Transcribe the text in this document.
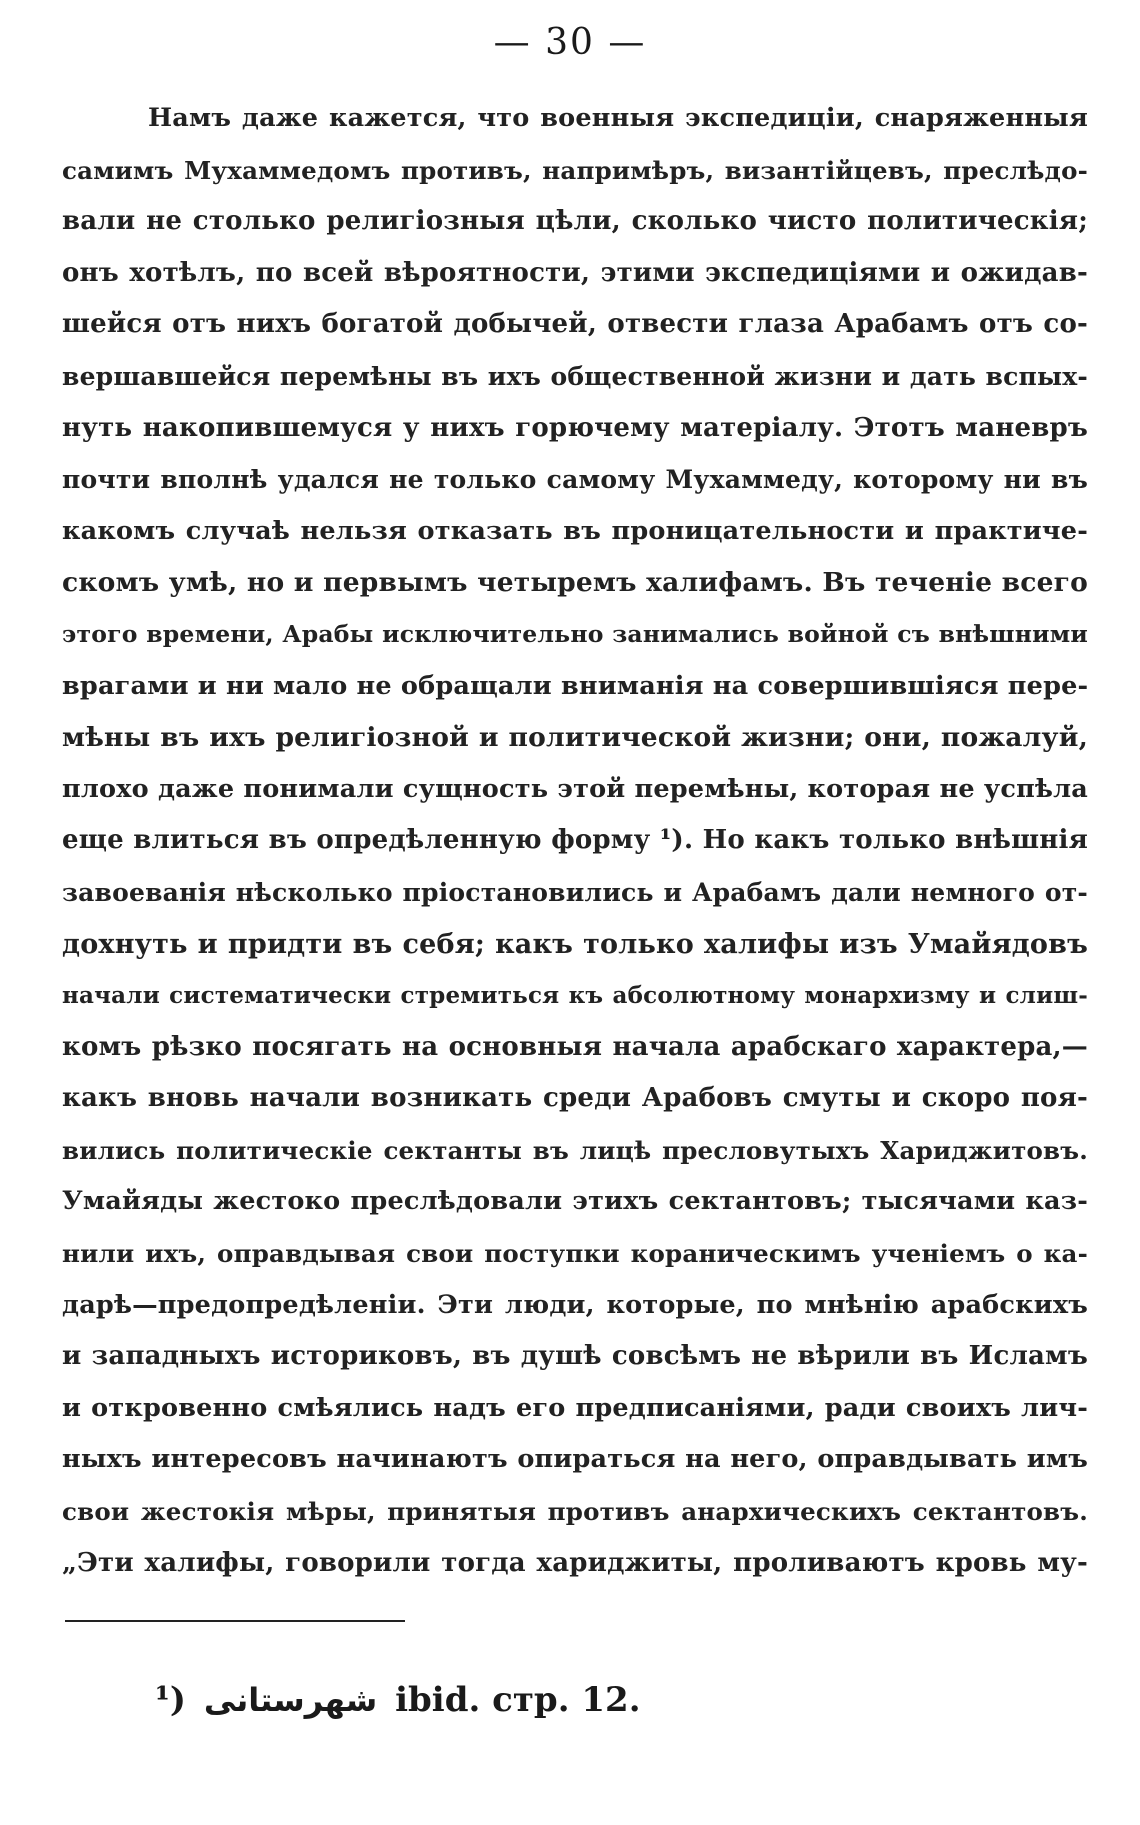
— 30 —
Намъ даже кажется, что военныя экспедиціи, снаряженныя
самимъ Мухаммедомъ противъ, напримѣръ, византійцевъ, преслѣдо-
вали не столько религіозныя цѣли, сколько чисто политическія;
онъ хотѣлъ, по всей вѣроятности, этими экспедиціями и ожидав-
шейся отъ нихъ богатой добычей, отвести глаза Арабамъ отъ со-
вершавшейся перемѣны въ ихъ общественной жизни и дать вспых-
нуть накопившемуся у нихъ горючему матеріалу. Этотъ маневръ
почти вполнѣ удался не только самому Мухаммеду, которому ни въ
какомъ случаѣ нельзя отказать въ проницательности и практиче-
скомъ умѣ, но и первымъ четыремъ халифамъ. Въ теченіе всего
этого времени, Арабы исключительно занимались войной съ внѣшними
врагами и ни мало не обращали вниманія на совершившіяся пере-
мѣны въ ихъ религіозной и политической жизни; они, пожалуй,
плохо даже понимали сущность этой перемѣны, которая не успѣла
еще влиться въ опредѣленную форму ¹). Но какъ только внѣшнія
завоеванія нѣсколько пріостановились и Арабамъ дали немного от-
дохнуть и придти въ себя; какъ только халифы изъ Умайядовъ
начали систематически стремиться къ абсолютному монархизму и слиш-
комъ рѣзко посягать на основныя начала арабскаго характера,—
какъ вновь начали возникать среди Арабовъ смуты и скоро поя-
вились политическіе сектанты въ лицѣ пресловутыхъ Хариджитовъ.
Умайяды жестоко преслѣдовали этихъ сектантовъ; тысячами каз-
нили ихъ, оправдывая свои поступки кораническимъ ученіемъ о ка-
дарѣ—предопредѣленіи. Эти люди, которые, по мнѣнію арабскихъ
и западныхъ историковъ, въ душѣ совсѣмъ не вѣрили въ Исламъ
и откровенно смѣялись надъ его предписаніями, ради своихъ лич-
ныхъ интересовъ начинаютъ опираться на него, оправдывать имъ
свои жестокія мѣры, принятыя противъ анархическихъ сектантовъ.
„Эти халифы, говорили тогда хариджиты, проливаютъ кровь му-
¹) شهرستانى ibid. стр. 12.
